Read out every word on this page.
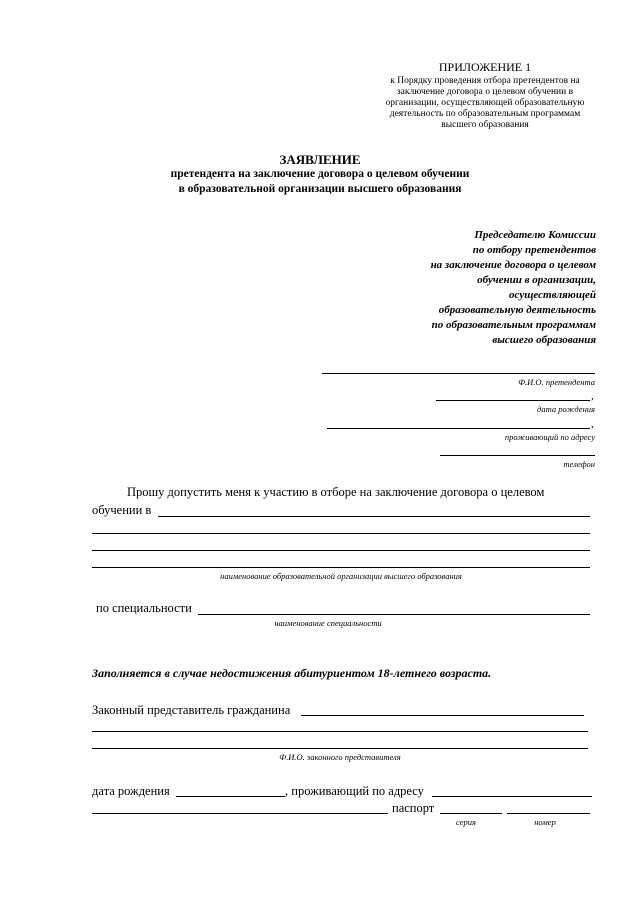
ПРИЛОЖЕНИЕ 1
к Порядку проведения отбора претендентов на
заключение договора о целевом обучении в
организации, осуществляющей образовательную
деятельность по образовательным программам
высшего образования
ЗАЯВЛЕНИЕ
претендента на заключение договора о целевом обучении
в образовательной организации высшего образования
Председателю Комиссии
по отбору претендентов
на заключение договора о целевом
обучении в организации,
осуществляющей
образовательную деятельность
по образовательным программам
высшего образования
Ф.И.О. претендента
,
дата рождения
,
проживающий по адресу
телефон
Прошу допустить меня к участию в отборе на заключение договора о целевом
обучении в
наименование образовательной организации высшего образования
по специальности
наименование специальности
Заполняется в случае недостижения абитуриентом 18-летнего возраста.
Законный представитель гражданина
Ф.И.О. законного представителя
дата рождения	, проживающий по адресу
паспорт
серия	номер
